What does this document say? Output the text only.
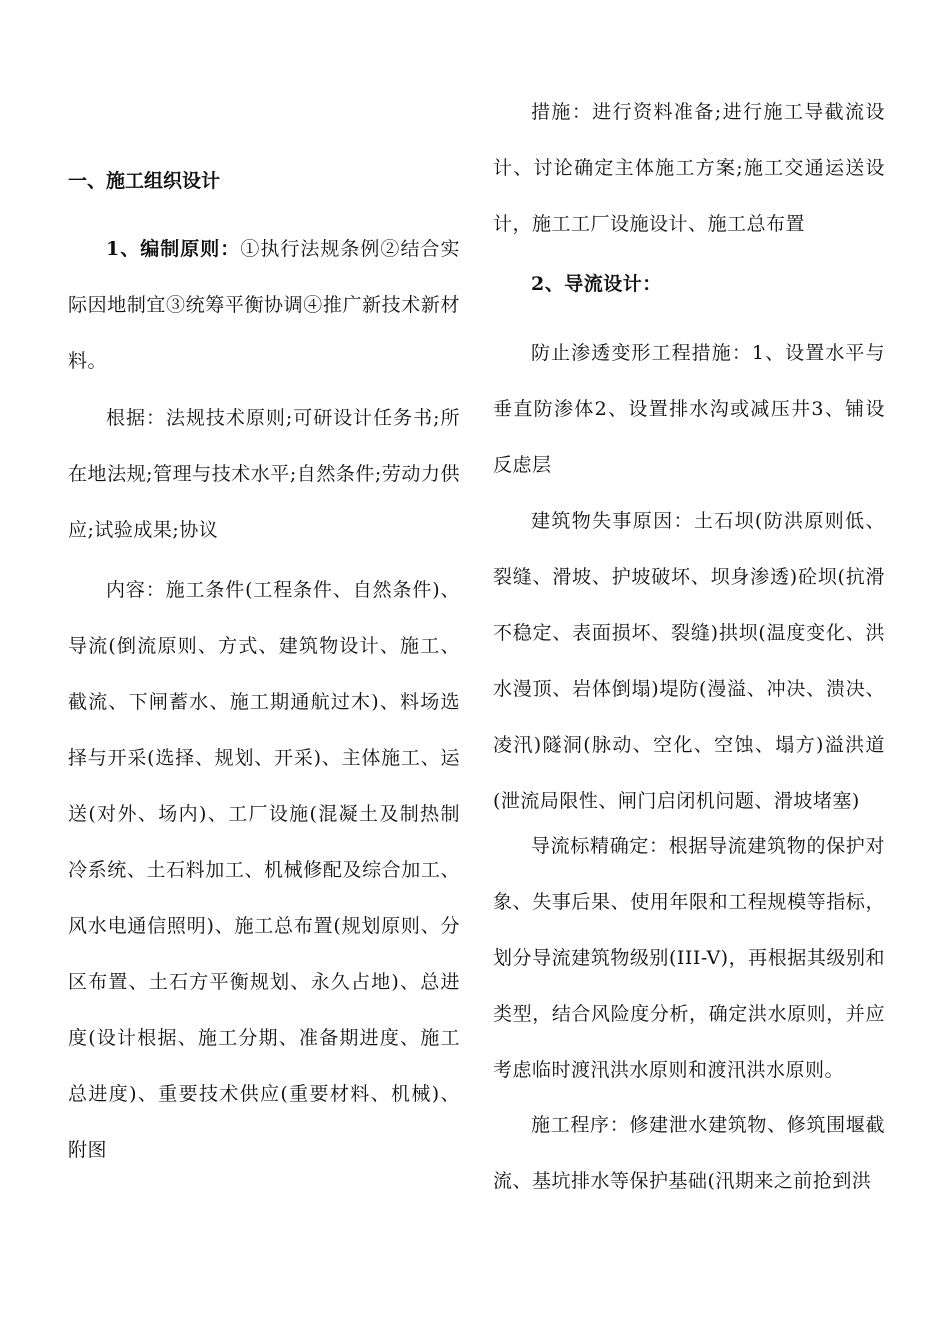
一、施工组织设计

1、编制原则：①执行法规条例②结合实际因地制宜③统筹平衡协调④推广新技术新材料。

根据：法规技术原则;可研设计任务书;所在地法规;管理与技术水平;自然条件;劳动力供应;试验成果;协议

内容：施工条件(工程条件、自然条件)、导流(倒流原则、方式、建筑物设计、施工、截流、下闸蓄水、施工期通航过木)、料场选择与开采(选择、规划、开采)、主体施工、运送(对外、场内)、工厂设施(混凝土及制热制冷系统、土石料加工、机械修配及综合加工、风水电通信照明)、施工总布置(规划原则、分区布置、土石方平衡规划、永久占地)、总进度(设计根据、施工分期、准备期进度、施工总进度)、重要技术供应(重要材料、机械)、附图

措施：进行资料准备;进行施工导截流设计、讨论确定主体施工方案;施工交通运送设计，施工工厂设施设计、施工总布置

2、导流设计：

防止渗透变形工程措施：1、设置水平与垂直防渗体2、设置排水沟或减压井3、铺设反虑层

建筑物失事原因：土石坝(防洪原则低、裂缝、滑坡、护坡破坏、坝身渗透)砼坝(抗滑不稳定、表面损坏、裂缝)拱坝(温度变化、洪水漫顶、岩体倒塌)堤防(漫溢、冲决、溃决、凌汛)隧洞(脉动、空化、空蚀、塌方)溢洪道(泄流局限性、闸门启闭机问题、滑坡堵塞)

导流标精确定：根据导流建筑物的保护对象、失事后果、使用年限和工程规模等指标，划分导流建筑物级别(III-V)，再根据其级别和类型，结合风险度分析，确定洪水原则，并应考虑临时渡汛洪水原则和渡汛洪水原则。

施工程序：修建泄水建筑物、修筑围堰截流、基坑排水等保护基础(汛期来之前抢到洪
